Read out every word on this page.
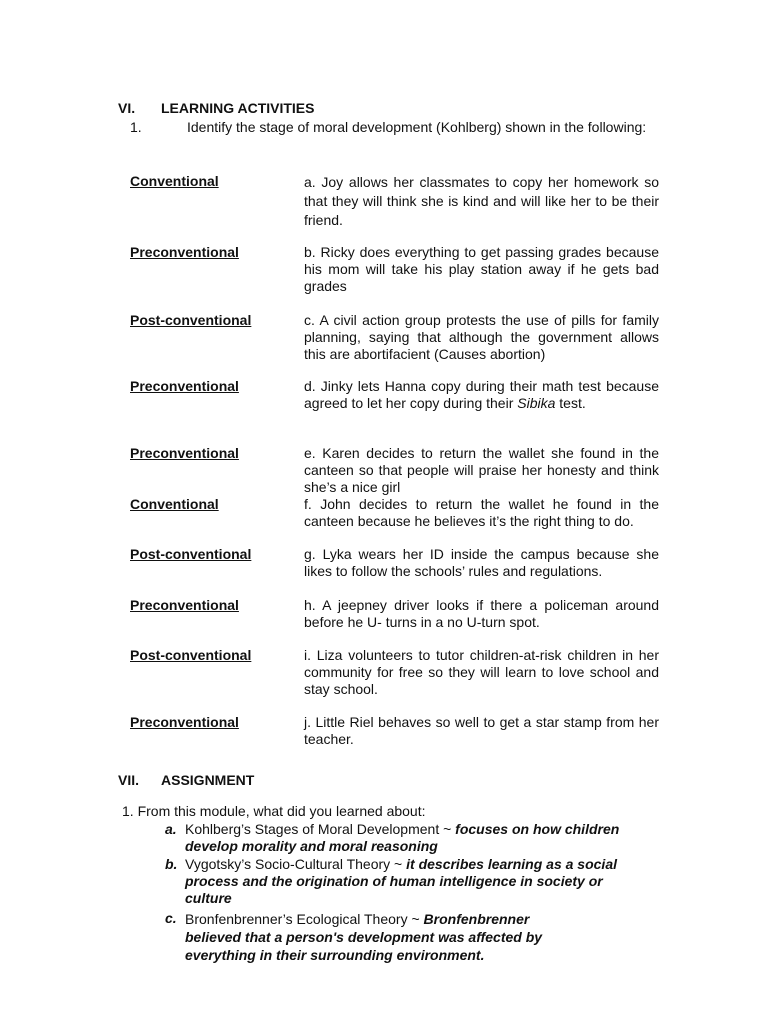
VI. LEARNING ACTIVITIES
1.	Identify the stage of moral development (Kohlberg) shown in the following:
Conventional	a. Joy allows her classmates to copy her homework so that they will think she is kind and will like her to be their friend.
Preconventional	b. Ricky does everything to get passing grades because his mom will take his play station away if he gets bad grades
Post-conventional	c. A civil action group protests the use of pills for family planning, saying that although the government allows this are abortifacient (Causes abortion)
Preconventional	d. Jinky lets Hanna copy during their math test because agreed to let her copy during their Sibika test.
Preconventional	e. Karen decides to return the wallet she found in the canteen so that people will praise her honesty and think she’s a nice girl
Conventional	f. John decides to return the wallet he found in the canteen because he believes it’s the right thing to do.
Post-conventional	g. Lyka wears her ID inside the campus because she likes to follow the schools’ rules and regulations.
Preconventional	h. A jeepney driver looks if there a policeman around before he U- turns in a no U-turn spot.
Post-conventional	i. Liza volunteers to tutor children-at-risk children in her community for free so they will learn to love school and stay school.
Preconventional	j. Little Riel behaves so well to get a star stamp from her teacher.
VII. ASSIGNMENT
1. From this module, what did you learned about:
a. Kohlberg’s Stages of Moral Development ~ focuses on how children develop morality and moral reasoning
b. Vygotsky’s Socio-Cultural Theory ~ it describes learning as a social process and the origination of human intelligence in society or culture
c. Bronfenbrenner’s Ecological Theory ~ Bronfenbrenner believed that a person's development was affected by everything in their surrounding environment.
